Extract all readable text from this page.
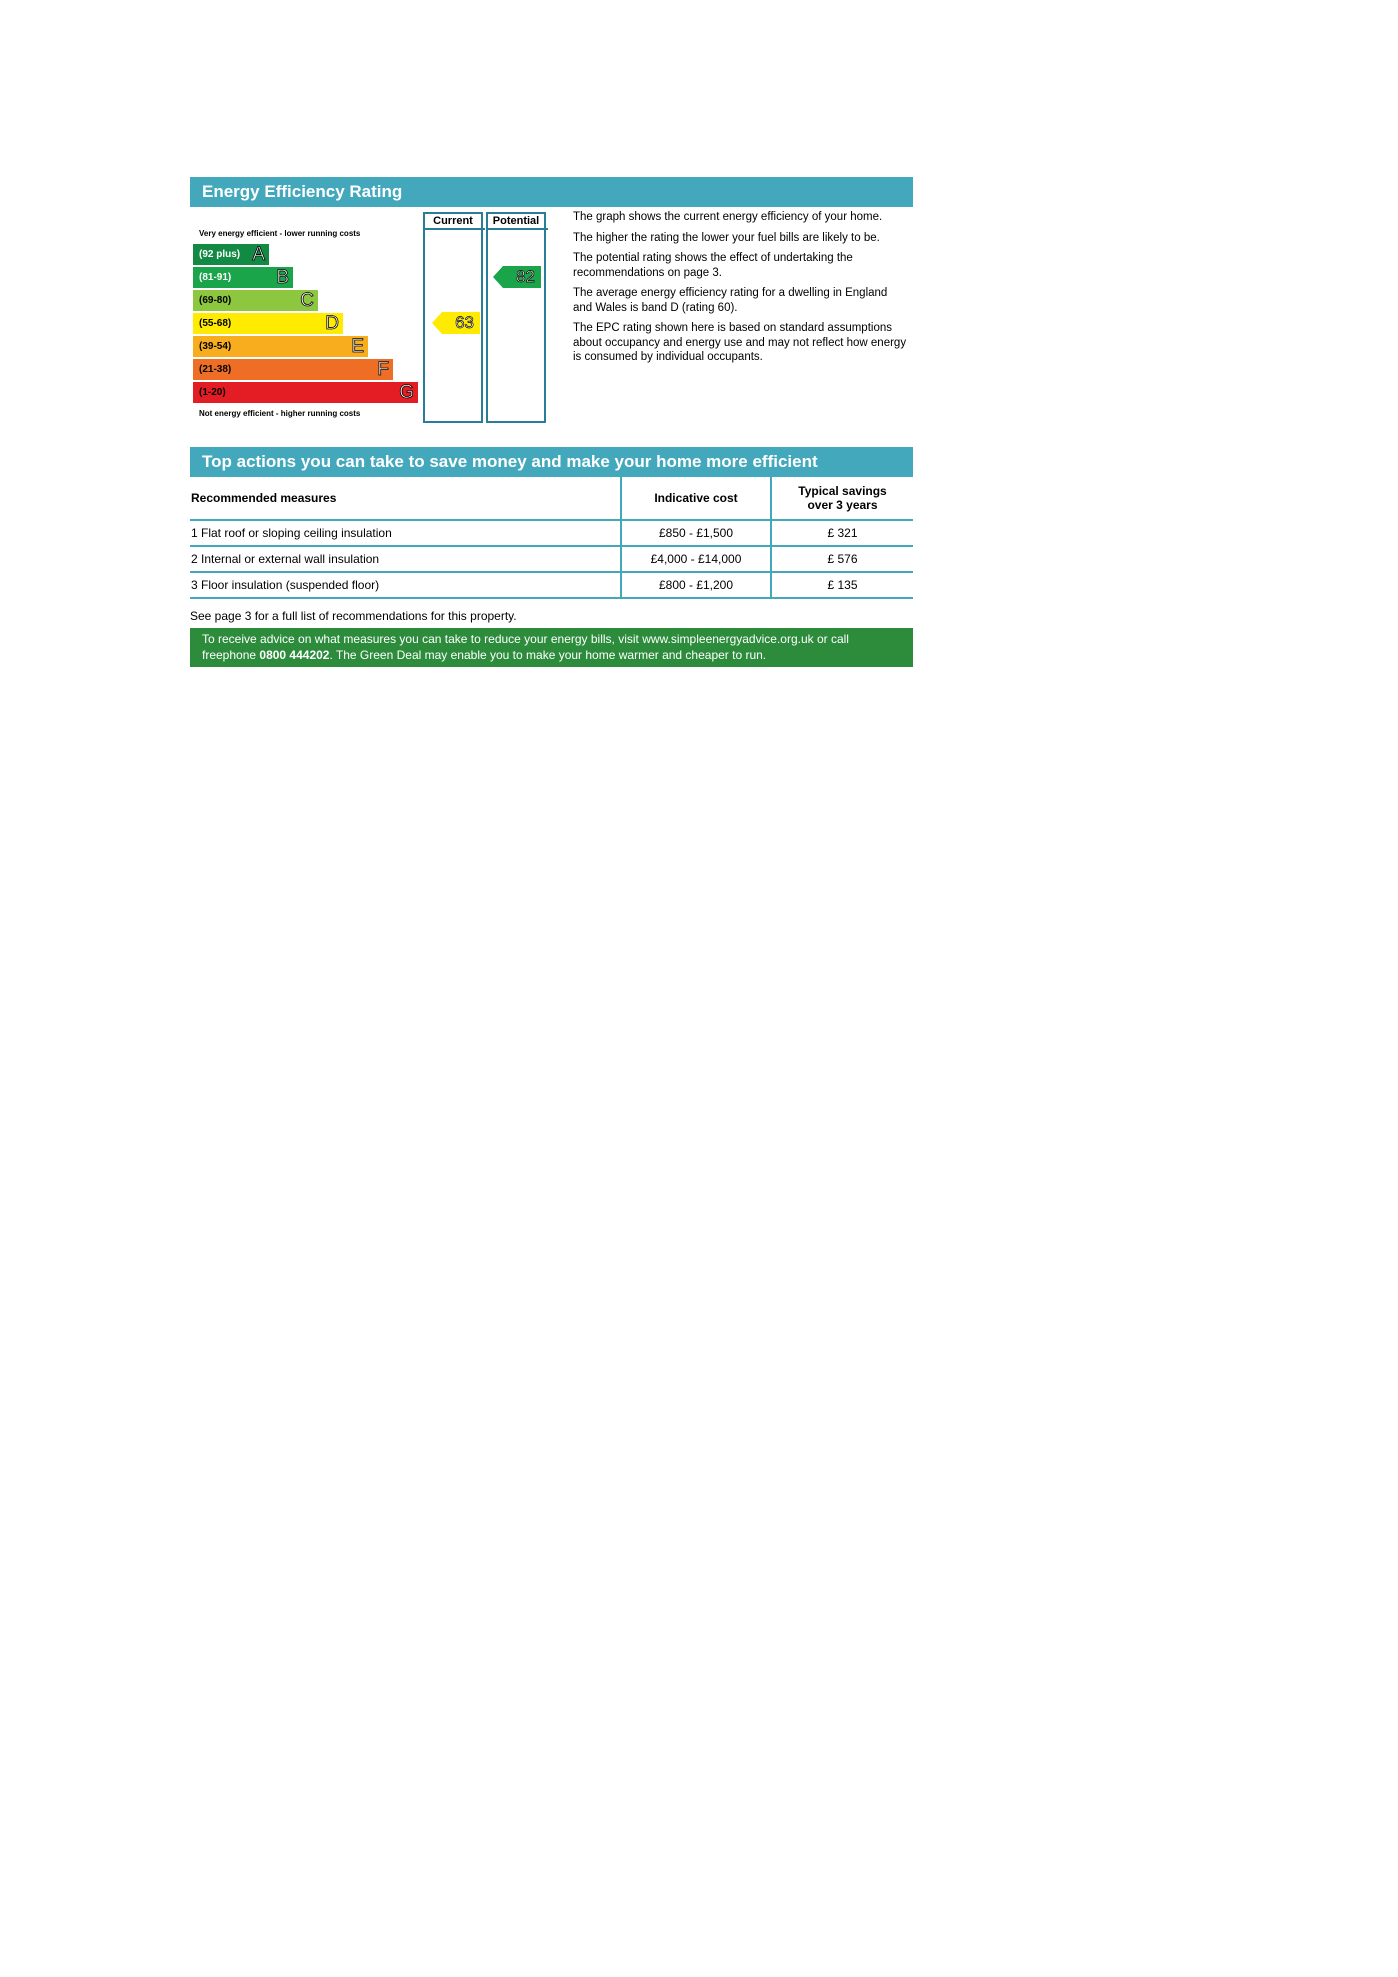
Energy Efficiency Rating
Very energy efficient - lower running costs
(92 plus) A
(81-91) B
(69-80)	C
(55-68)	D
(39-54)	E
(21-38)	F
(1-20)	G
Not energy efficient - higher running costs
Current	Potential
63
82

The graph shows the current energy efficiency of your home.

The higher the rating the lower your fuel bills are likely to be.

The potential rating shows the effect of undertaking the recommendations on page 3.

The average energy efficiency rating for a dwelling in England and Wales is band D (rating 60).

The EPC rating shown here is based on standard assumptions about occupancy and energy use and may not reflect how energy is consumed by individual occupants.

Top actions you can take to save money and make your home more efficient
Recommended measures	Indicative cost	Typical savings
over 3 years
1 Flat roof or sloping ceiling insulation	£850 - £1,500	£ 321
2 Internal or external wall insulation	£4,000 - £14,000	£ 576
3 Floor insulation (suspended floor)	£800 - £1,200	£ 135
See page 3 for a full list of recommendations for this property.
To receive advice on what measures you can take to reduce your energy bills, visit www.simpleenergyadvice.org.uk or call freephone 0800 444202. The Green Deal may enable you to make your home warmer and cheaper to run.
